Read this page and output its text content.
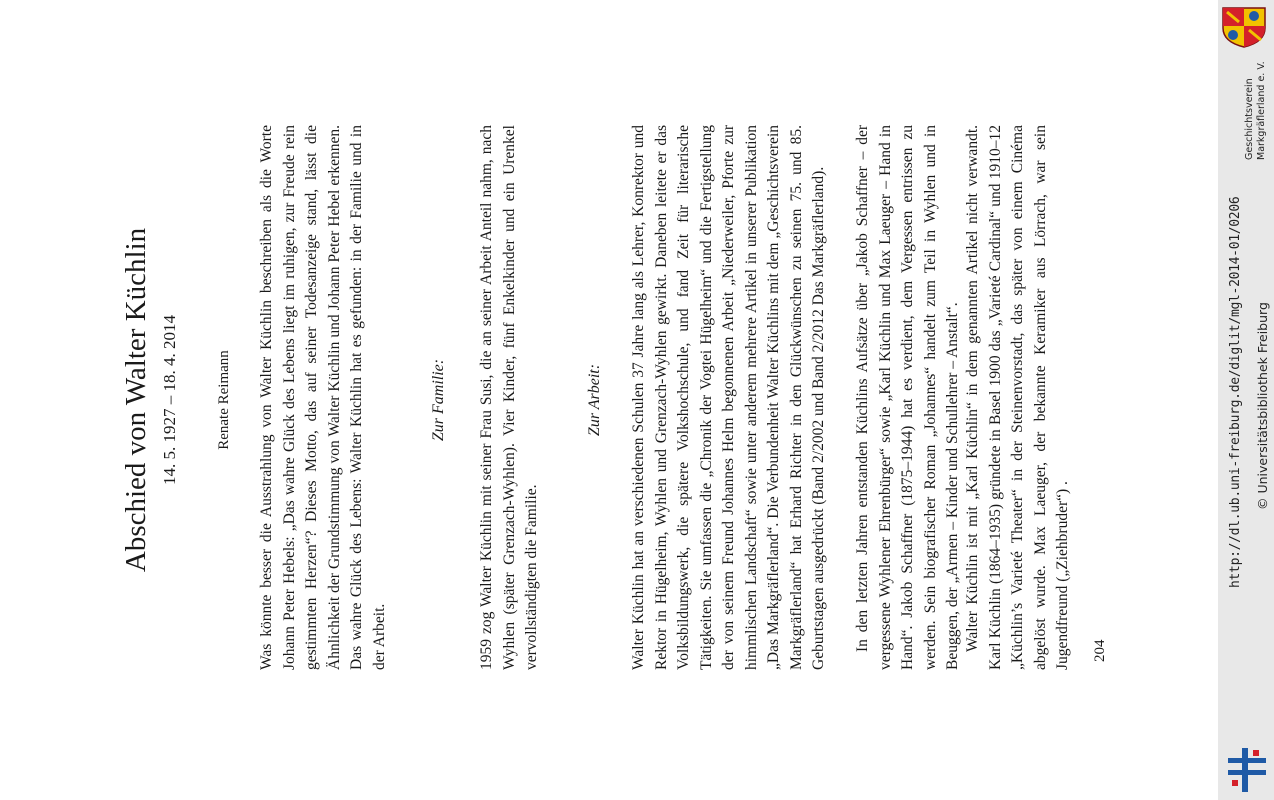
Abschied von Walter Küchlin 14. 5. 1927 – 18. 4. 2014 Renate Reimann Was könnte besser die Ausstrahlung von Walter Küchlin beschreiben als die Worte Johann Peter Hebels: „Das wahre Glück des Lebens liegt im ruhigen, zur Freude rein gestimmten Herzen“? Dieses Motto, das auf seiner Todesanzeige stand, lässt die Ähnlichkeit der Grundstimmung von Walter Küchlin und Johann Peter Hebel erkennen. Das wahre Glück des Lebens: Walter Küchlin hat es gefunden: in der Familie und in der Arbeit.

Zur Familie: 1959 zog Walter Küchlin mit seiner Frau Susi, die an seiner Arbeit Anteil nahm, nach Wyhlen (später Grenzach-Wyhlen). Vier Kinder, fünf Enkelkinder und ein Urenkel vervollständigten die Familie.

Zur Arbeit: Walter Küchlin hat an verschiedenen Schulen 37 Jahre lang als Lehrer, Konrektor und Rektor in Hügelheim, Wyhlen und Grenzach-Wyhlen gewirkt. Daneben leitete er das Volksbildungswerk, die spätere Volkshochschule, und fand Zeit für literarische Tätigkeiten. Sie umfassen die „Chronik der Vogtei Hügelheim“ und die Fertigstellung der von seinem Freund Johannes Helm begonnenen Arbeit „Niederweiler, Pforte zur himmlischen Landschaft“ sowie unter anderem mehrere Artikel in unserer Publikation „Das Markgräflerland“. Die Verbundenheit Walter Küchlins mit dem „Geschichtsverein Markgräflerland“ hat Erhard Richter in den Glückwünschen zu seinen 75. und 85. Geburtstagen ausgedrückt (Band 2/2002 und Band 2/2012 Das Markgräflerland). In den letzten Jahren entstanden Küchlins Aufsätze über „Jakob Schaffner – der vergessene Wyhlener Ehrenbürger“ sowie „Karl Küchlin und Max Laeuger – Hand in Hand“. Jakob Schaffner (1875–1944) hat es verdient, dem Vergessen entrissen zu werden. Sein biografischer Roman „Johannes“ handelt zum Teil in Wyhlen und in Beuggen, der „Armen – Kinder und Schullehrer – Anstalt“. Walter Küchlin ist mit „Karl Küchlin“ in dem genannten Artikel nicht verwandt. Karl Küchlin (1864–1935) gründete in Basel 1900 das „Varieté Cardinal“ und 1910–12 „Küchlin’s Varieté Theater“ in der Steinenvorstadt, das später von einem Cinéma abgelöst wurde. Max Laeuger, der bekannte Keramiker aus Lörrach, war sein Jugendfreund („Ziehbruder“) . 204
Geschichtsverein Markgräflerland e. V.
http://dl.ub.uni-freiburg.de/diglit/mgl-2014-01/0206 © Universitätsbibliothek Freiburg
